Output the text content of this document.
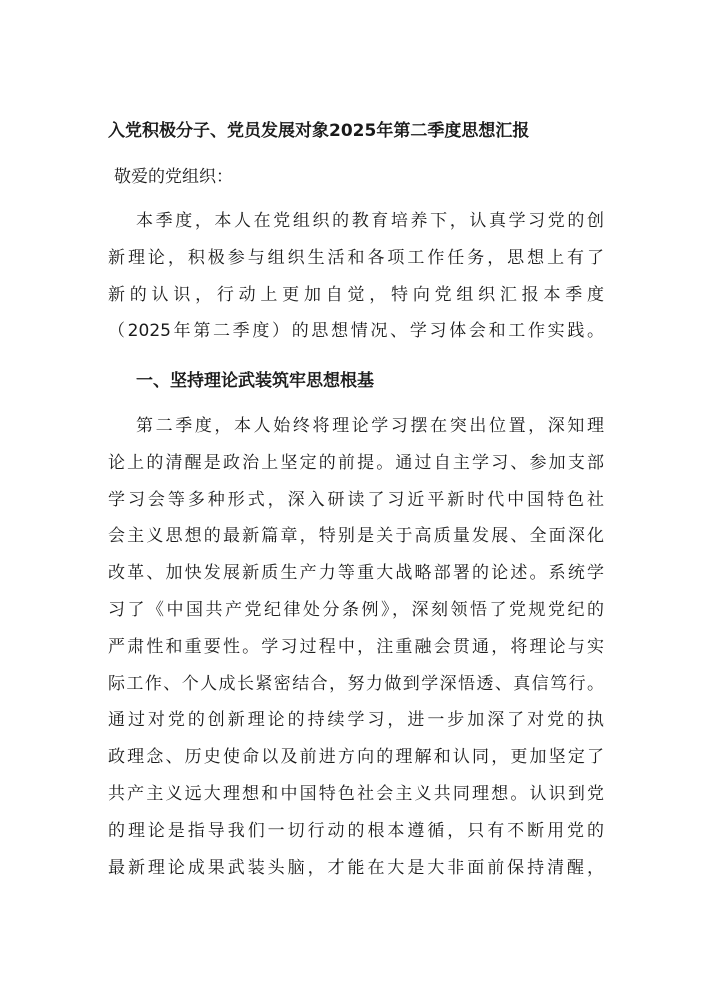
入党积极分子、党员发展对象2025年第二季度思想汇报
敬爱的党组织：
本季度，本人在党组织的教育培养下，认真学习党的创
新理论，积极参与组织生活和各项工作任务，思想上有了
新的认识，行动上更加自觉，特向党组织汇报本季度
（2025年第二季度）的思想情况、学习体会和工作实践。
一、坚持理论武装筑牢思想根基
第二季度，本人始终将理论学习摆在突出位置，深知理
论上的清醒是政治上坚定的前提。通过自主学习、参加支部
学习会等多种形式，深入研读了习近平新时代中国特色社
会主义思想的最新篇章，特别是关于高质量发展、全面深化
改革、加快发展新质生产力等重大战略部署的论述。系统学
习了《中国共产党纪律处分条例》，深刻领悟了党规党纪的
严肃性和重要性。学习过程中，注重融会贯通，将理论与实
际工作、个人成长紧密结合，努力做到学深悟透、真信笃行。
通过对党的创新理论的持续学习，进一步加深了对党的执
政理念、历史使命以及前进方向的理解和认同，更加坚定了
共产主义远大理想和中国特色社会主义共同理想。认识到党
的理论是指导我们一切行动的根本遵循，只有不断用党的
最新理论成果武装头脑，才能在大是大非面前保持清醒，
